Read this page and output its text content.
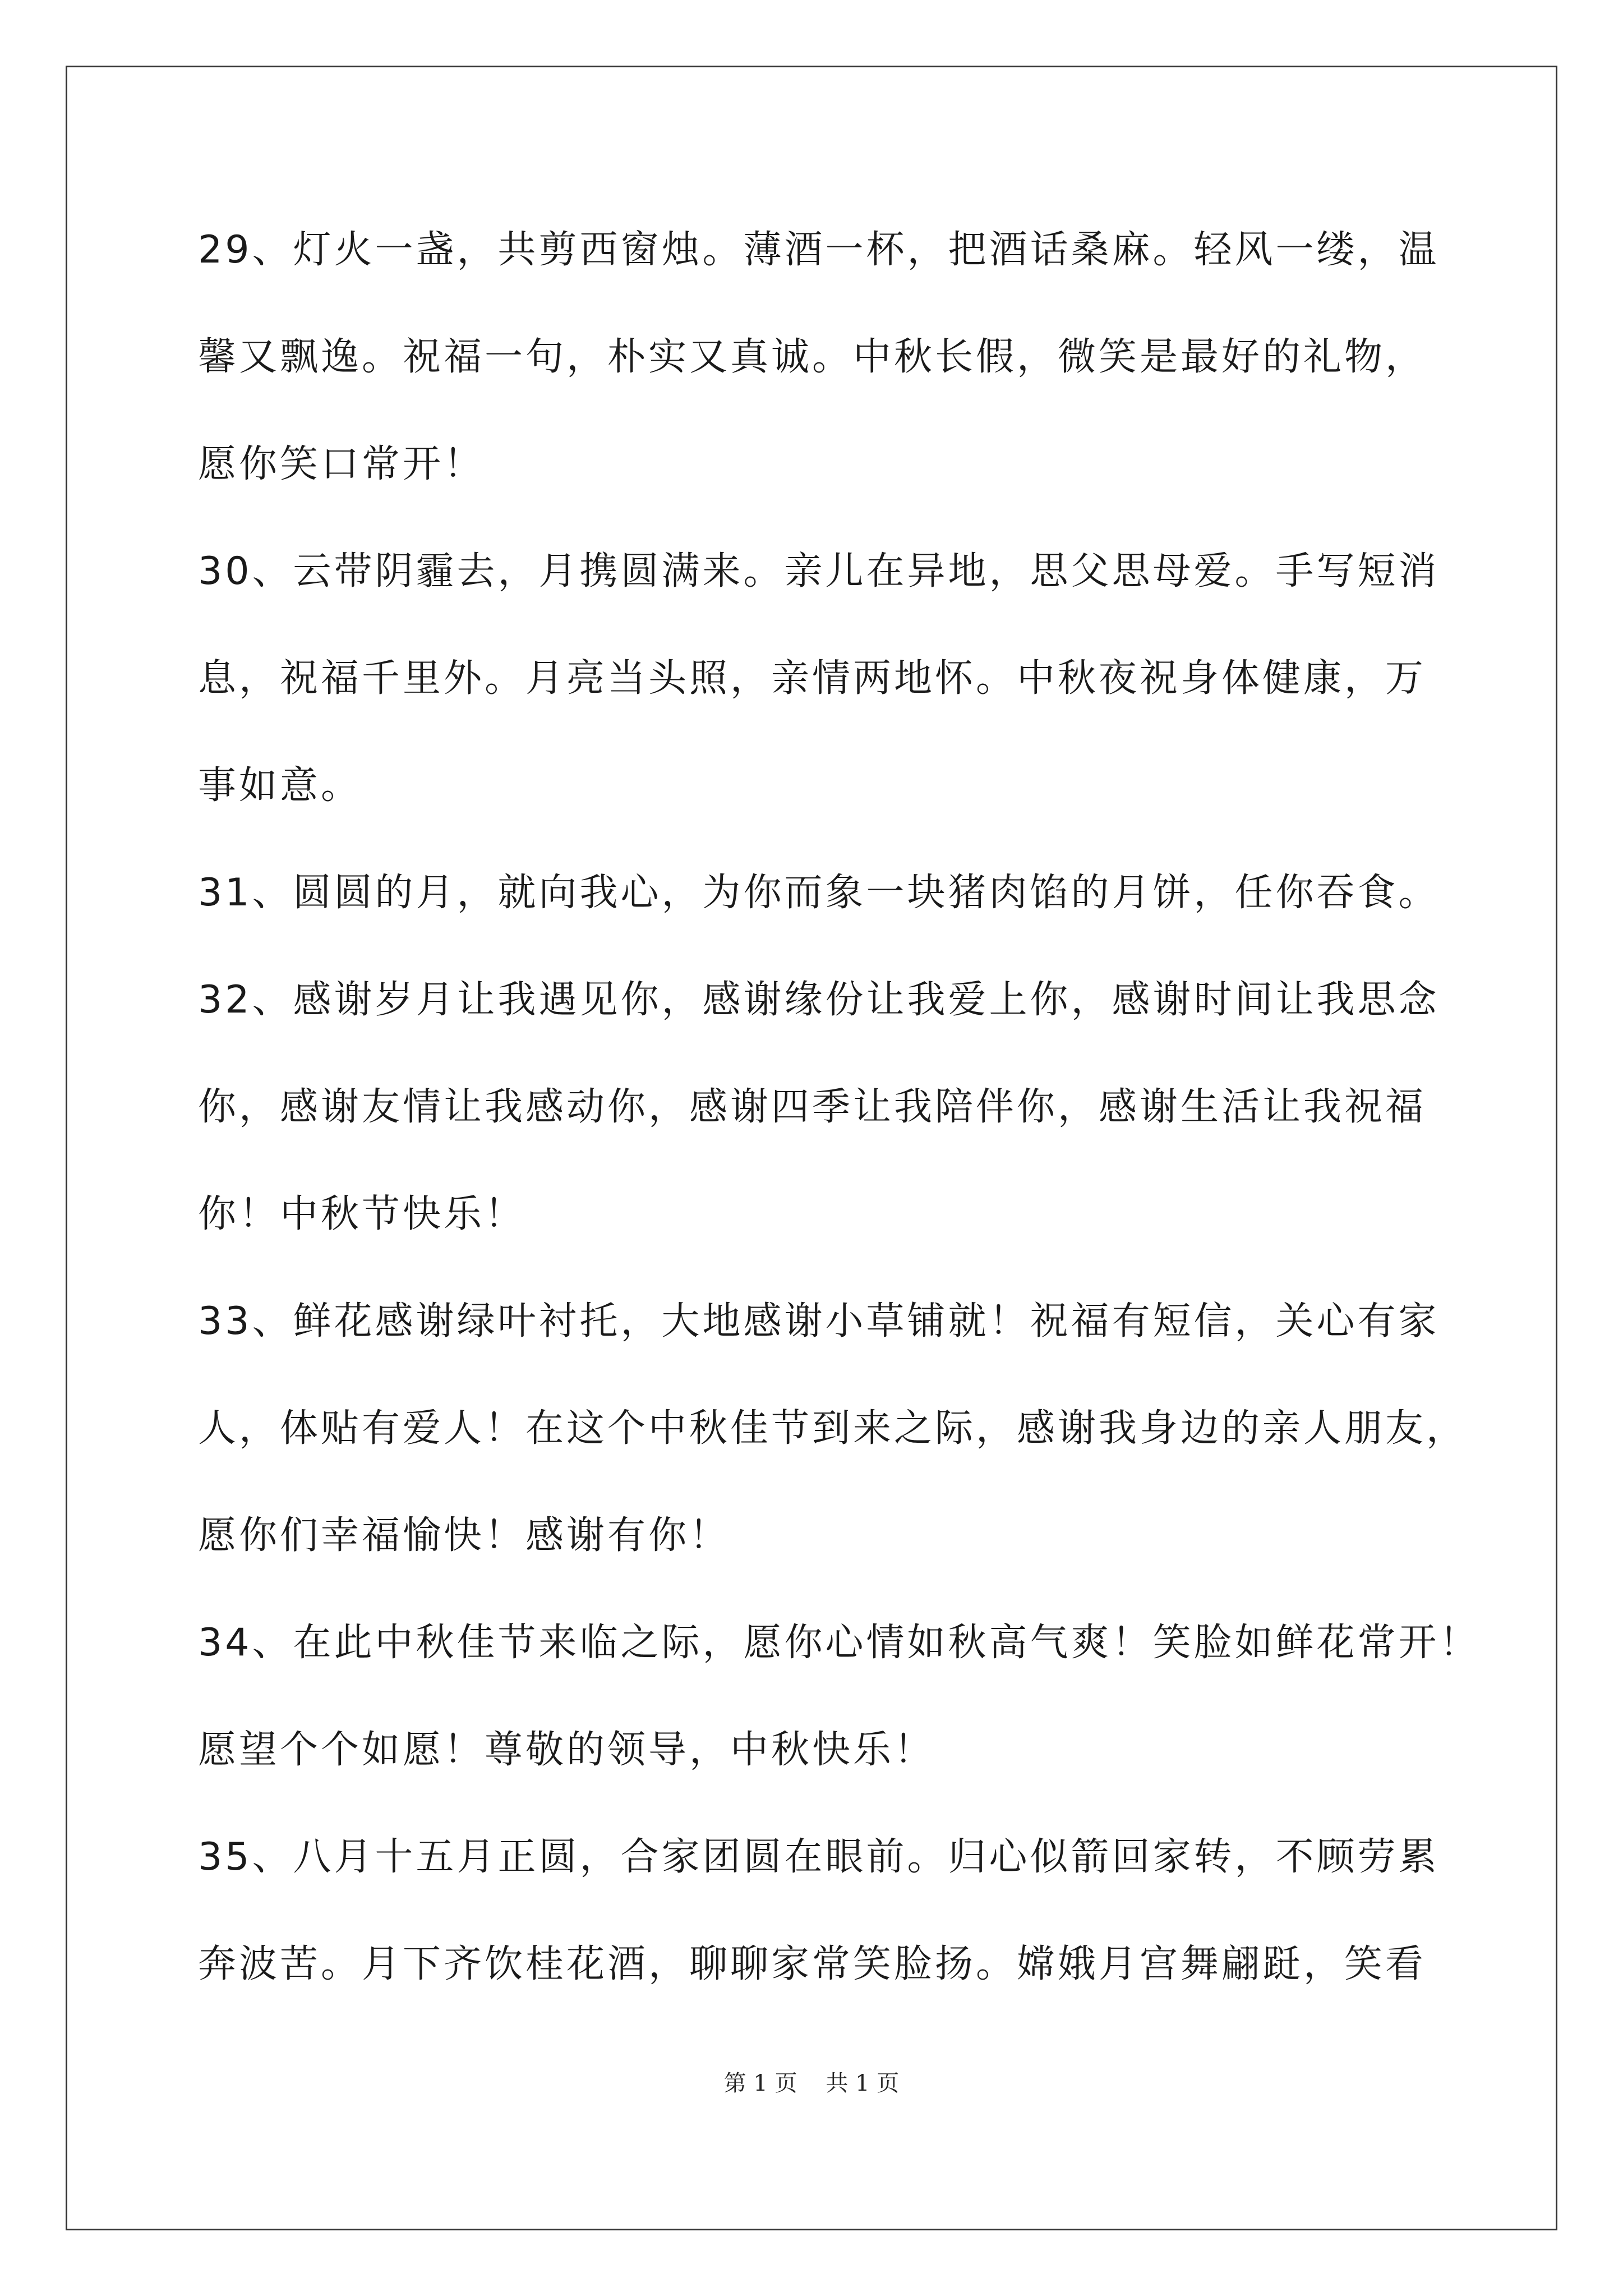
29、灯火一盏，共剪西窗烛。薄酒一杯，把酒话桑麻。轻风一缕，温
馨又飘逸。祝福一句，朴实又真诚。中秋长假，微笑是最好的礼物，
愿你笑口常开！
30、云带阴霾去，月携圆满来。亲儿在异地，思父思母爱。手写短消
息，祝福千里外。月亮当头照，亲情两地怀。中秋夜祝身体健康，万
事如意。
31、圆圆的月，就向我心，为你而象一块猪肉馅的月饼，任你吞食。
32、感谢岁月让我遇见你，感谢缘份让我爱上你，感谢时间让我思念
你，感谢友情让我感动你，感谢四季让我陪伴你，感谢生活让我祝福
你！中秋节快乐！
33、鲜花感谢绿叶衬托，大地感谢小草铺就！祝福有短信，关心有家
人，体贴有爱人！在这个中秋佳节到来之际，感谢我身边的亲人朋友，
愿你们幸福愉快！感谢有你！
34、在此中秋佳节来临之际，愿你心情如秋高气爽！笑脸如鲜花常开！
愿望个个如愿！尊敬的领导，中秋快乐！
35、八月十五月正圆，合家团圆在眼前。归心似箭回家转，不顾劳累
奔波苦。月下齐饮桂花酒，聊聊家常笑脸扬。嫦娥月宫舞翩跹，笑看
第 1 页    共 1 页
